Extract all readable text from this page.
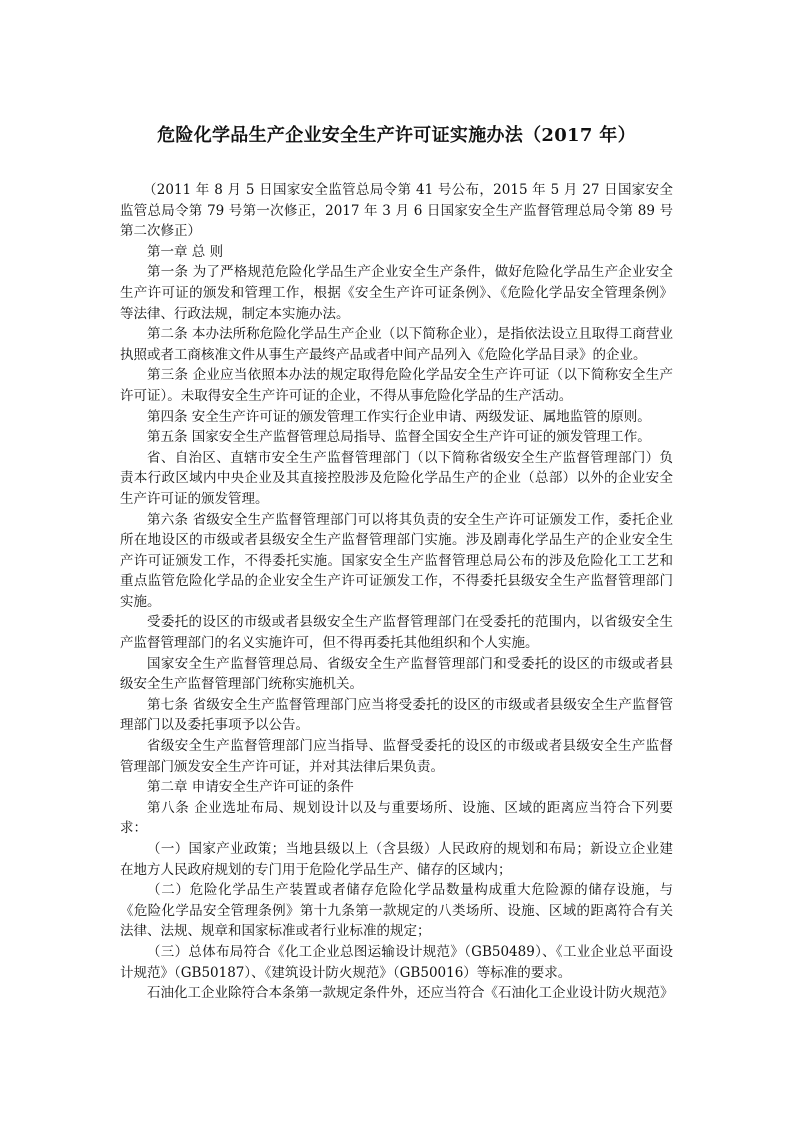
危险化学品生产企业安全生产许可证实施办法（2017 年）

（2011 年 8 月 5 日国家安全监管总局令第 41 号公布，2015 年 5 月 27 日国家安全监管总局令第 79 号第一次修正，2017 年 3 月 6 日国家安全生产监督管理总局令第 89 号第二次修正）

第一章 总 则

第一条 为了严格规范危险化学品生产企业安全生产条件，做好危险化学品生产企业安全生产许可证的颁发和管理工作，根据《安全生产许可证条例》、《危险化学品安全管理条例》等法律、行政法规，制定本实施办法。

第二条 本办法所称危险化学品生产企业（以下简称企业），是指依法设立且取得工商营业执照或者工商核准文件从事生产最终产品或者中间产品列入《危险化学品目录》的企业。

第三条 企业应当依照本办法的规定取得危险化学品安全生产许可证（以下简称安全生产许可证）。未取得安全生产许可证的企业，不得从事危险化学品的生产活动。

第四条 安全生产许可证的颁发管理工作实行企业申请、两级发证、属地监管的原则。

第五条 国家安全生产监督管理总局指导、监督全国安全生产许可证的颁发管理工作。

省、自治区、直辖市安全生产监督管理部门（以下简称省级安全生产监督管理部门）负责本行政区域内中央企业及其直接控股涉及危险化学品生产的企业（总部）以外的企业安全生产许可证的颁发管理。

第六条 省级安全生产监督管理部门可以将其负责的安全生产许可证颁发工作，委托企业所在地设区的市级或者县级安全生产监督管理部门实施。涉及剧毒化学品生产的企业安全生产许可证颁发工作，不得委托实施。国家安全生产监督管理总局公布的涉及危险化工工艺和重点监管危险化学品的企业安全生产许可证颁发工作，不得委托县级安全生产监督管理部门实施。

受委托的设区的市级或者县级安全生产监督管理部门在受委托的范围内，以省级安全生产监督管理部门的名义实施许可，但不得再委托其他组织和个人实施。

国家安全生产监督管理总局、省级安全生产监督管理部门和受委托的设区的市级或者县级安全生产监督管理部门统称实施机关。

第七条 省级安全生产监督管理部门应当将受委托的设区的市级或者县级安全生产监督管理部门以及委托事项予以公告。

省级安全生产监督管理部门应当指导、监督受委托的设区的市级或者县级安全生产监督管理部门颁发安全生产许可证，并对其法律后果负责。

第二章 申请安全生产许可证的条件

第八条 企业选址布局、规划设计以及与重要场所、设施、区域的距离应当符合下列要求：

（一）国家产业政策；当地县级以上（含县级）人民政府的规划和布局；新设立企业建在地方人民政府规划的专门用于危险化学品生产、储存的区域内；

（二）危险化学品生产装置或者储存危险化学品数量构成重大危险源的储存设施，与《危险化学品安全管理条例》第十九条第一款规定的八类场所、设施、区域的距离符合有关法律、法规、规章和国家标准或者行业标准的规定；

（三）总体布局符合《化工企业总图运输设计规范》（GB50489）、《工业企业总平面设计规范》（GB50187）、《建筑设计防火规范》（GB50016）等标准的要求。

石油化工企业除符合本条第一款规定条件外，还应当符合《石油化工企业设计防火规范》
